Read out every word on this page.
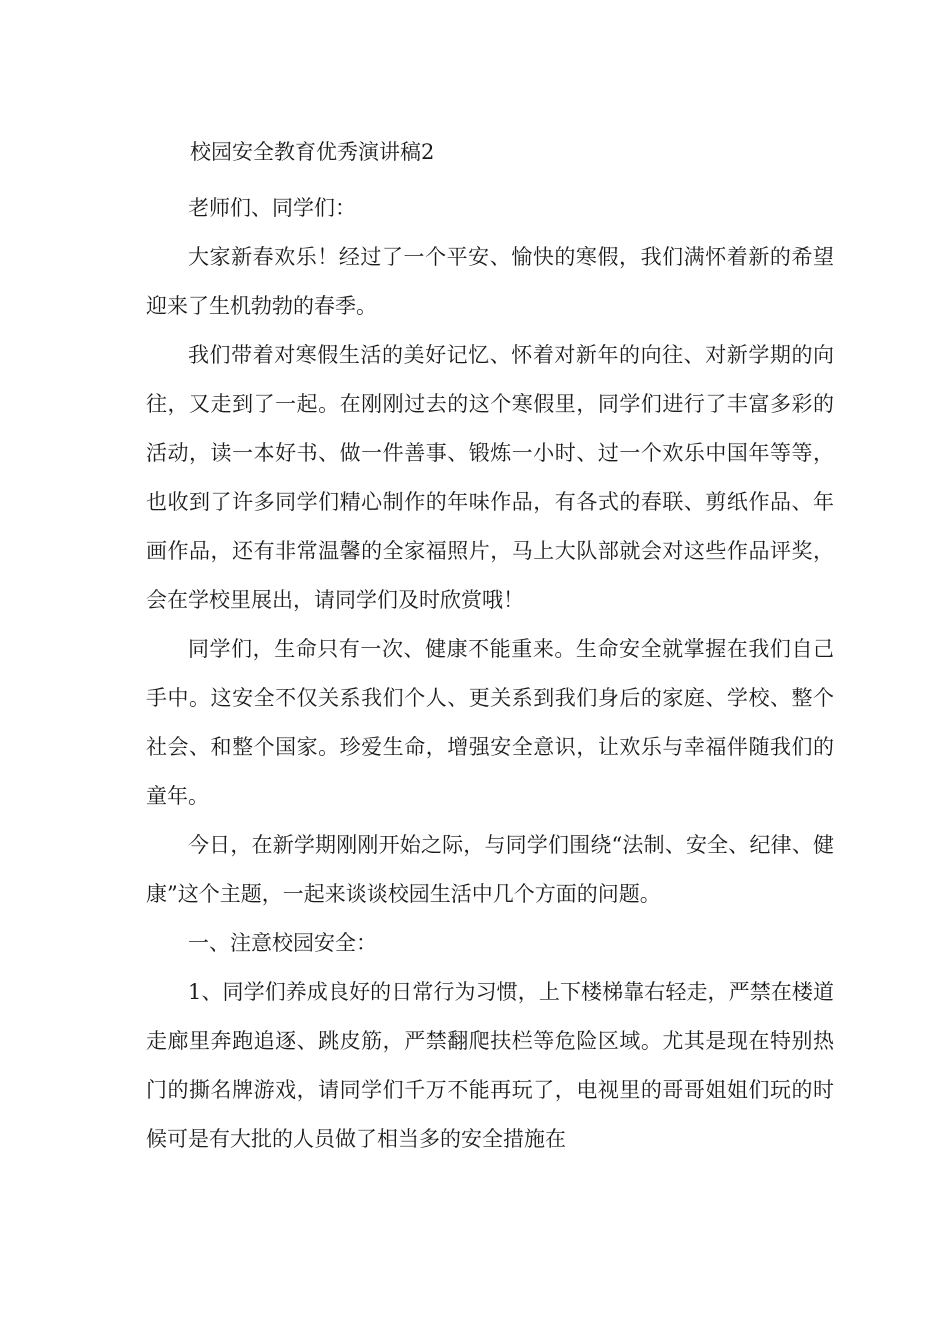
校园安全教育优秀演讲稿2

老师们、同学们：

大家新春欢乐！经过了一个平安、愉快的寒假，我们满怀着新的希望迎来了生机勃勃的春季。

我们带着对寒假生活的美好记忆、怀着对新年的向往、对新学期的向往，又走到了一起。在刚刚过去的这个寒假里，同学们进行了丰富多彩的活动，读一本好书、做一件善事、锻炼一小时、过一个欢乐中国年等等，也收到了许多同学们精心制作的年味作品，有各式的春联、剪纸作品、年画作品，还有非常温馨的全家福照片，马上大队部就会对这些作品评奖，会在学校里展出，请同学们及时欣赏哦！

同学们，生命只有一次、健康不能重来。生命安全就掌握在我们自己手中。这安全不仅关系我们个人、更关系到我们身后的家庭、学校、整个社会、和整个国家。珍爱生命，增强安全意识，让欢乐与幸福伴随我们的童年。

今日，在新学期刚刚开始之际，与同学们围绕“法制、安全、纪律、健康”这个主题，一起来谈谈校园生活中几个方面的问题。

一、注意校园安全：

1、同学们养成良好的日常行为习惯，上下楼梯靠右轻走，严禁在楼道走廊里奔跑追逐、跳皮筋，严禁翻爬扶栏等危险区域。尤其是现在特别热门的撕名牌游戏，请同学们千万不能再玩了，电视里的哥哥姐姐们玩的时候可是有大批的人员做了相当多的安全措施在
